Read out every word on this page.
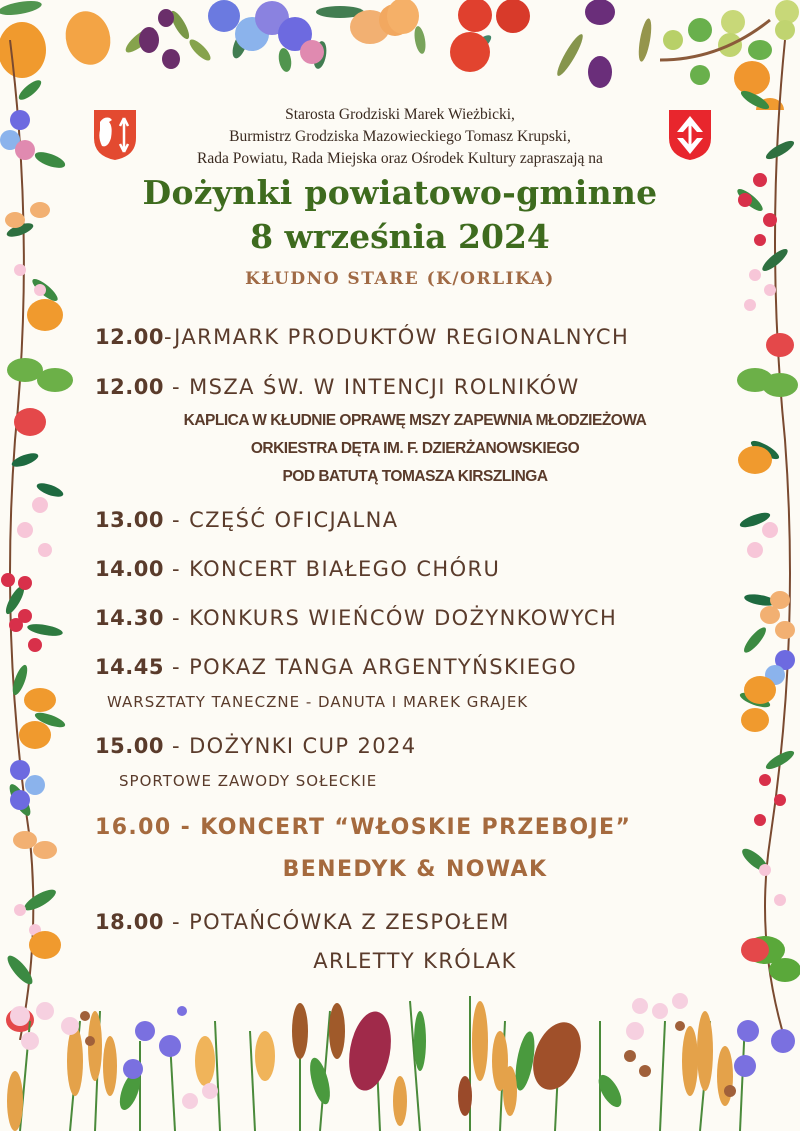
Starosta Grodziski Marek Wieżbicki,
Burmistrz Grodziska Mazowieckiego Tomasz Krupski,
Rada Powiatu, Rada Miejska oraz Ośrodek Kultury zapraszają na
Dożynki powiatowo-gminne
8 września 2024
KŁUDNO STARE (K/ORLIKA)
12.00-JARMARK PRODUKTÓW REGIONALNYCH
12.00 - MSZA ŚW. W INTENCJI ROLNIKÓW
KAPLICA W KŁUDNIE OPRAWĘ MSZY ZAPEWNIA MŁODZIEŻOWA
ORKIESTRA DĘTA IM. F. DZIERŻANOWSKIEGO
POD BATUTĄ TOMASZA KIRSZLINGA
13.00 - CZĘŚĆ OFICJALNA
14.00 - KONCERT BIAŁEGO CHÓRU
14.30 - KONKURS WIEŃCÓW DOŻYNKOWYCH
14.45 - POKAZ TANGA ARGENTYŃSKIEGO
WARSZTATY TANECZNE - DANUTA I MAREK GRAJEK
15.00 - DOŻYNKI CUP 2024
SPORTOWE ZAWODY SOŁECKIE
16.00 - KONCERT “WŁOSKIE PRZEBOJE”
BENEDYK & NOWAK
18.00 - POTAŃCÓWKA Z ZESPOŁEM
ARLETTY KRÓLAK
